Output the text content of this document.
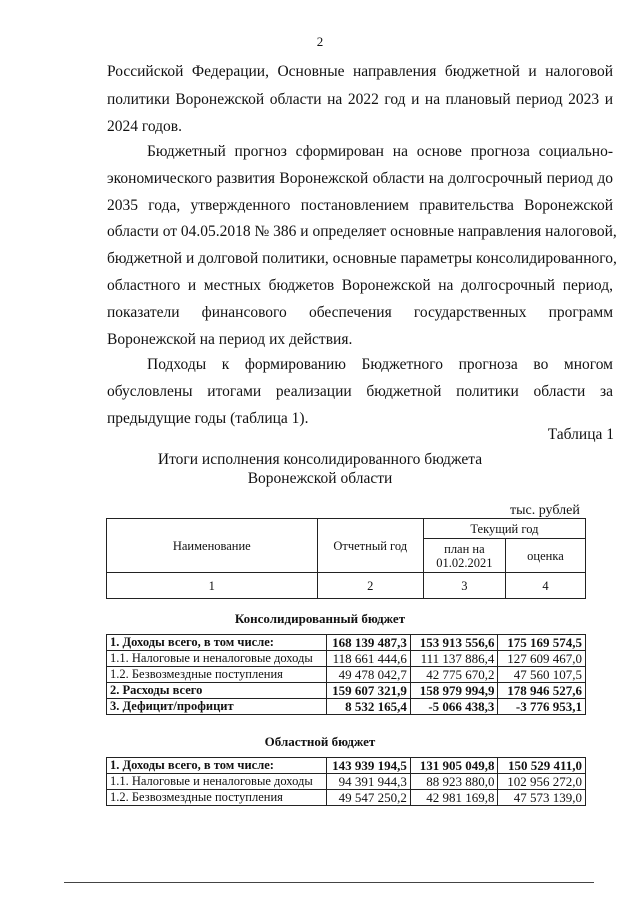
2
Российской Федерации, Основные направления бюджетной и налоговой
политики Воронежской области на 2022 год и на плановый период 2023 и
2024 годов.
Бюджетный прогноз сформирован на основе прогноза социально-
экономического развития Воронежской области на долгосрочный период до
2035 года, утвержденного постановлением правительства Воронежской
области от 04.05.2018 № 386 и определяет основные направления налоговой,
бюджетной и долговой политики, основные параметры консолидированного,
областного и местных бюджетов Воронежской на долгосрочный период,
показатели финансового обеспечения государственных программ
Воронежской на период их действия.
Подходы к формированию Бюджетного прогноза во многом
обусловлены итогами реализации бюджетной политики области за
предыдущие годы (таблица 1).
Таблица 1
Итоги исполнения консолидированного бюджета
Воронежской области
тыс. рублей
Наименование	Отчетный год	Текущий год	
		план на 01.02.2021	оценка
1	2	3	4
Консолидированный бюджет
1. Доходы всего, в том числе:	168 139 487,3	153 913 556,6	175 169 574,5
1.1. Налоговые и неналоговые доходы	118 661 444,6	111 137 886,4	127 609 467,0
1.2. Безвозмездные поступления	49 478 042,7	42 775 670,2	47 560 107,5
2. Расходы всего	159 607 321,9	158 979 994,9	178 946 527,6
3. Дефицит/профицит	8 532 165,4	-5 066 438,3	-3 776 953,1
Областной бюджет
1. Доходы всего, в том числе:	143 939 194,5	131 905 049,8	150 529 411,0
1.1. Налоговые и неналоговые доходы	94 391 944,3	88 923 880,0	102 956 272,0
1.2. Безвозмездные поступления	49 547 250,2	42 981 169,8	47 573 139,0
